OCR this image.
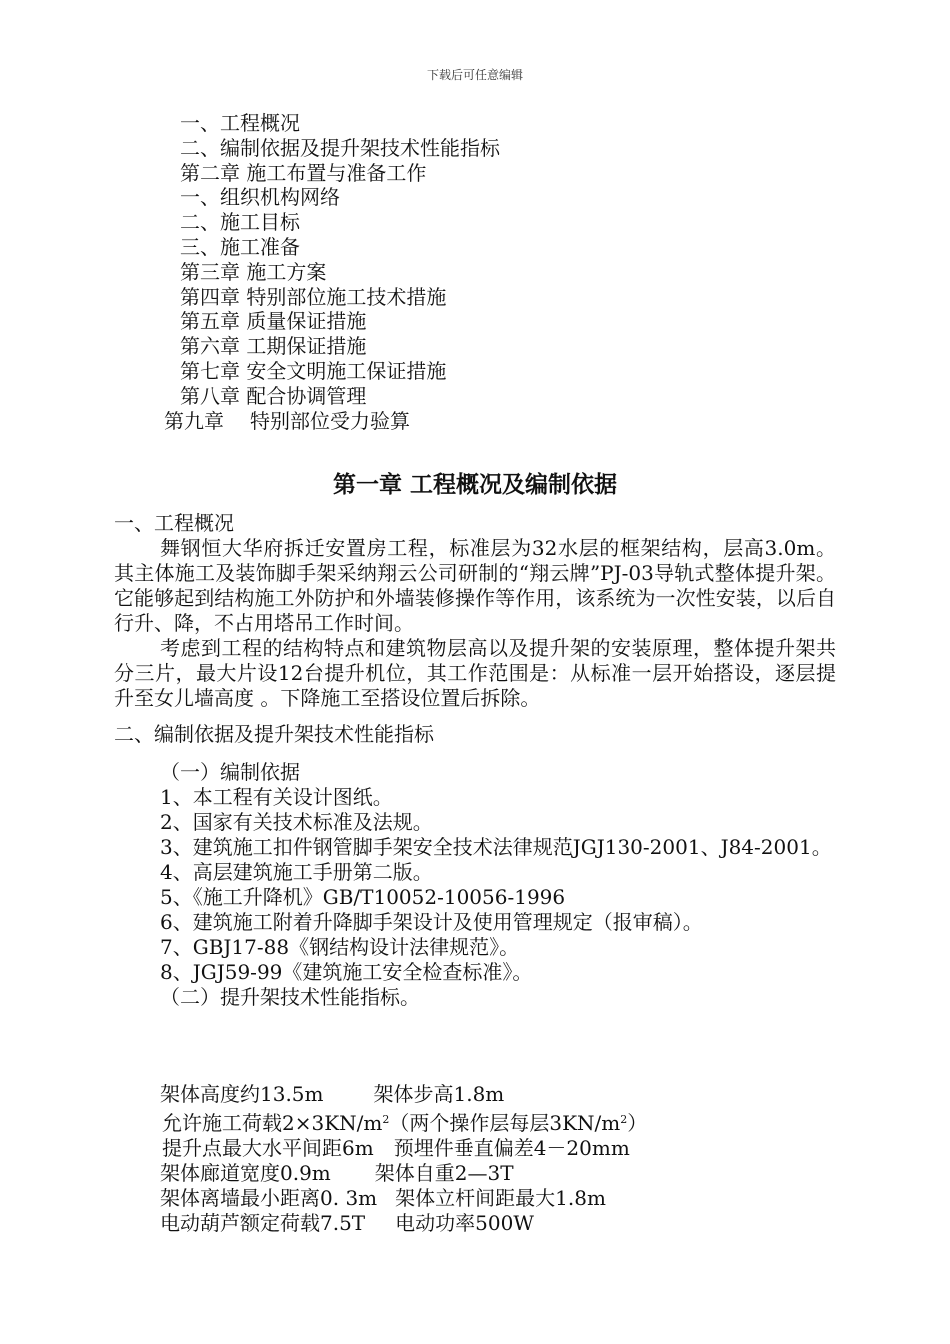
下载后可任意编辑
一、工程概况
二、编制依据及提升架技术性能指标
第二章 施工布置与准备工作
一、组织机构网络
二、施工目标
三、施工准备
第三章 施工方案
第四章 特别部位施工技术措施
第五章 质量保证措施
第六章 工期保证措施
第七章 安全文明施工保证措施
第八章 配合协调管理
第九章 特别部位受力验算
第一章 工程概况及编制依据
一、工程概况
舞钢恒大华府拆迁安置房工程，标准层为32水层的框架结构，层高3.0m。其主体施工及装饰脚手架采纳翔云公司研制的“翔云牌”PJ-03导轨式整体提升架。它能够起到结构施工外防护和外墙装修操作等作用，该系统为一次性安装，以后自行升、降，不占用塔吊工作时间。
考虑到工程的结构特点和建筑物层高以及提升架的安装原理，整体提升架共分三片，最大片设12台提升机位，其工作范围是：从标准一层开始搭设，逐层提升至女儿墙高度 。下降施工至搭设位置后拆除。
二、编制依据及提升架技术性能指标
（一）编制依据
1、本工程有关设计图纸。
2、国家有关技术标准及法规。
3、建筑施工扣件钢管脚手架安全技术法律规范JGJ130-2001、J84-2001。
4、高层建筑施工手册第二版。
5、《施工升降机》GB/T10052-10056-1996
6、建筑施工附着升降脚手架设计及使用管理规定（报审稿）。
7、GBJ17-88《钢结构设计法律规范》。
8、JGJ59-99《建筑施工安全检查标准》。
（二）提升架技术性能指标。
架体高度约13.5m	架体步高1.8m
允许施工荷载$2\times 3KN/m^2$（两个操作层每层$3KN/m^2$）
提升点最大水平间距6m 预埋件垂直偏差4－20mm
架体廊道宽度0.9m 架体自重2—3T
架体离墙最小距离0. 3m 架体立杆间距最大1.8m
电动葫芦额定荷载7.5T 电动功率500W
